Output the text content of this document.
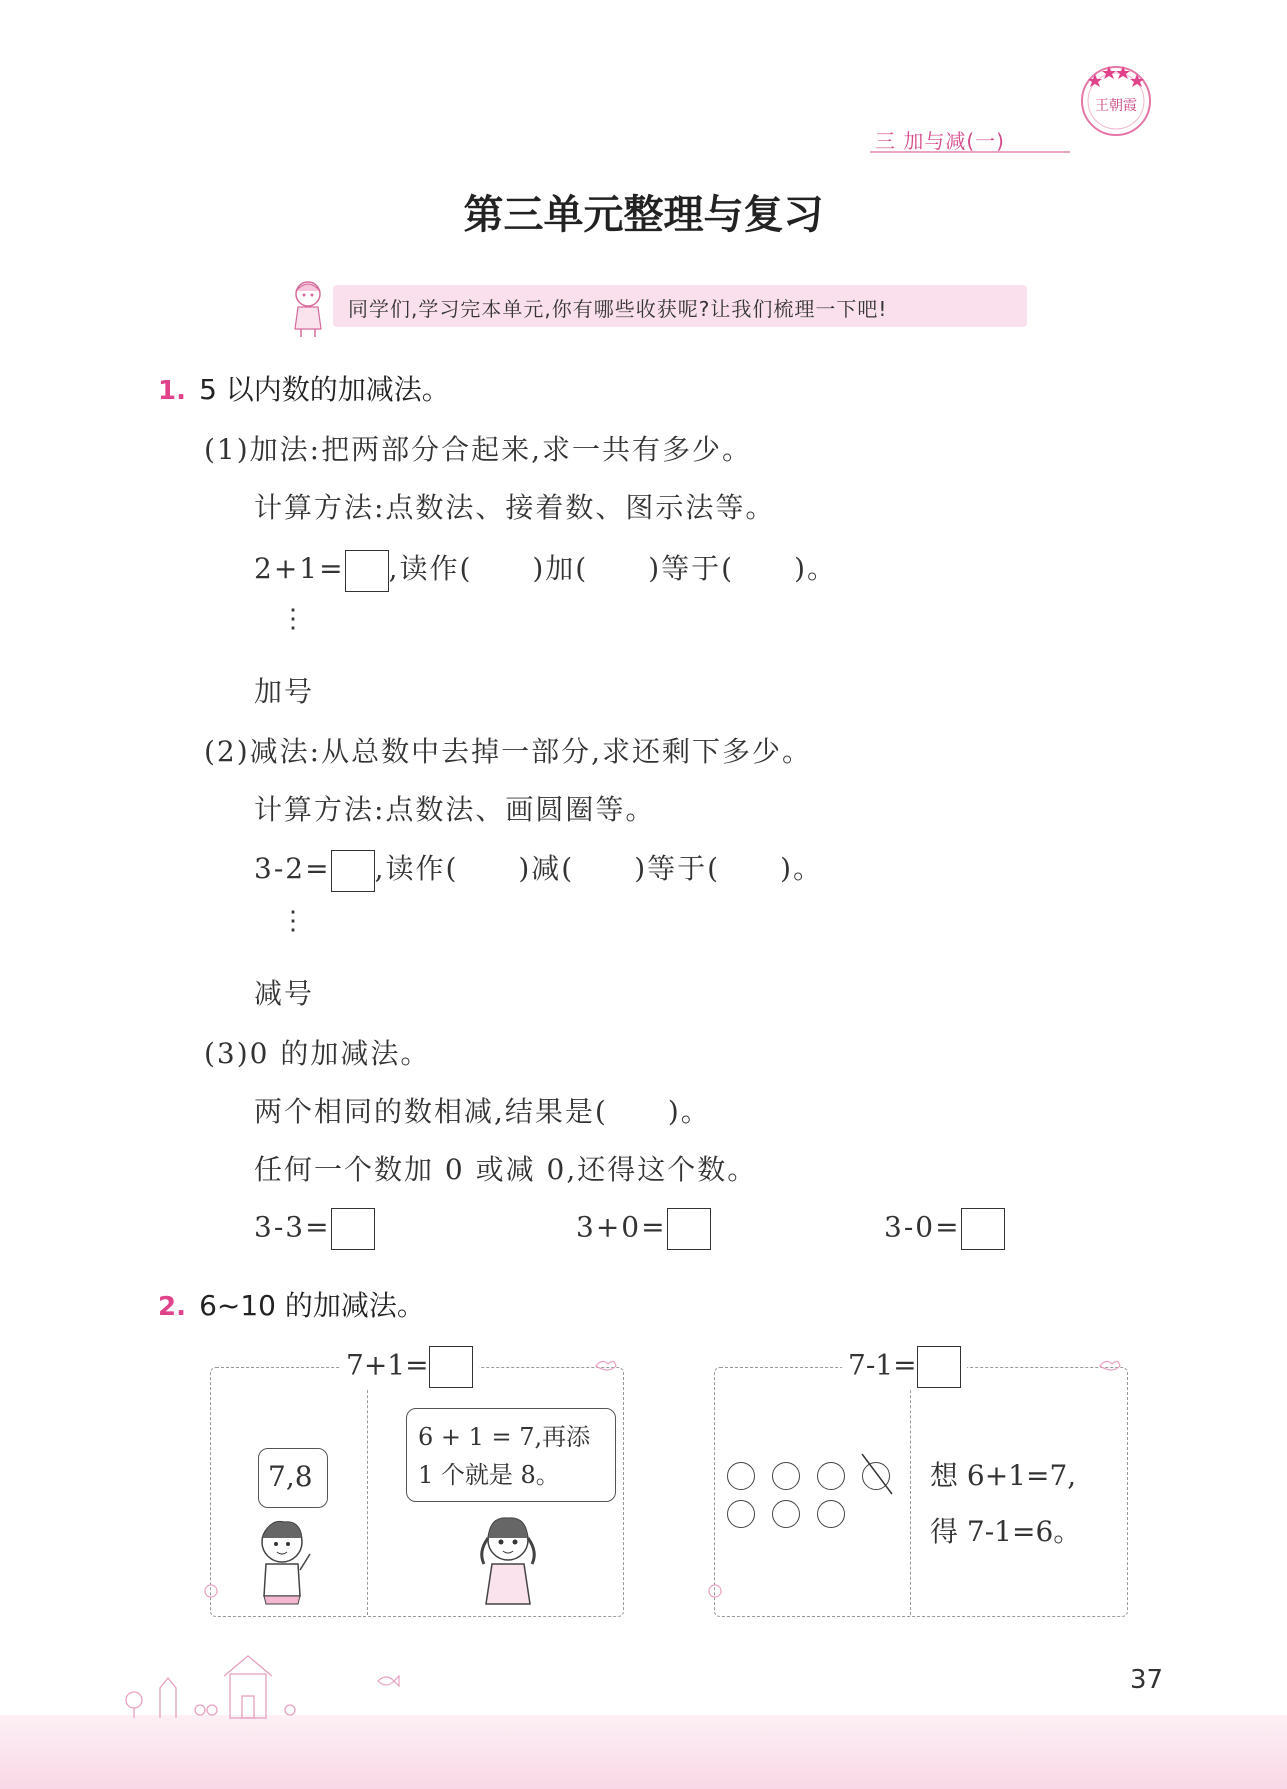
三 加与减(一)
王朝霞
第三单元整理与复习
同学们,学习完本单元,你有哪些收获呢?让我们梳理一下吧!
1. 5 以内数的加减法。
(1)加法:把两部分合起来,求一共有多少。
计算方法:点数法、接着数、图示法等。
2+1= ,读作(　　)加(　　)等于(　　)。
⋮
加号
(2)减法:从总数中去掉一部分,求还剩下多少。
计算方法:点数法、画圆圈等。
3-2= ,读作(　　)减(　　)等于(　　)。
⋮
减号
(3)0 的加减法。
两个相同的数相减,结果是(　　)。
任何一个数加 0 或减 0,还得这个数。
3-3=	3+0=	3-0=
2. 6~10 的加减法。
7+1=
7,8
6 + 1 = 7,再添
1 个就是 8。
7-1=
想 6+1=7,
得 7-1=6。
37
